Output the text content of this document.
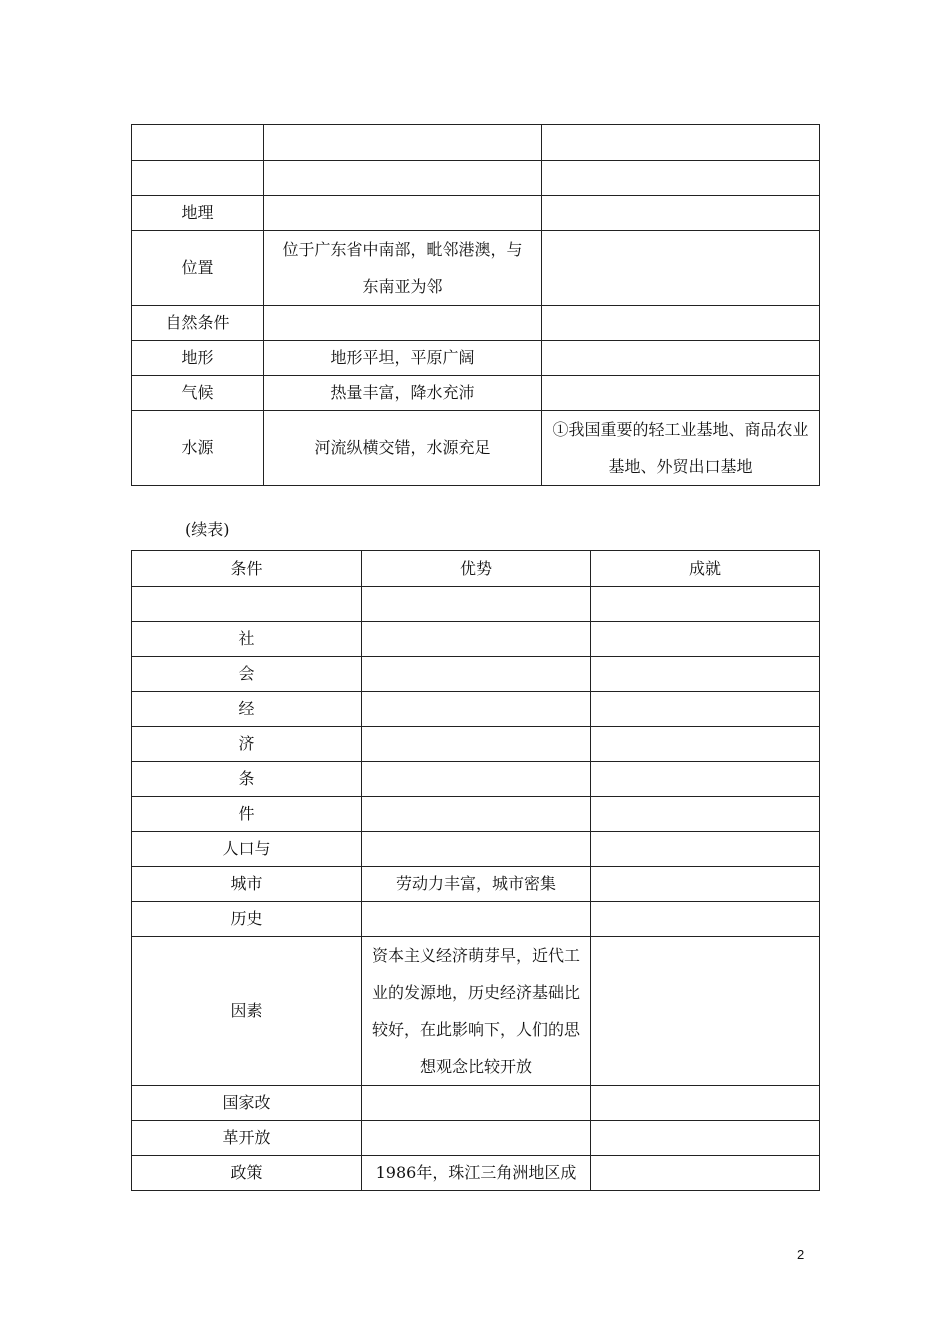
地理		
位置	位于广东省中南部，毗邻港澳，与东南亚为邻	
自然条件		
地形	地形平坦，平原广阔	
气候	热量丰富，降水充沛	
水源	河流纵横交错，水源充足	①我国重要的轻工业基地、商品农业基地、外贸出口基地
(续表)
条件	优势	成就

社		
会		
经		
济		
条		
件		
人口与		
城市	劳动力丰富，城市密集	
历史		
因素	资本主义经济萌芽早，近代工业的发源地，历史经济基础比较好，在此影响下，人们的思想观念比较开放	
国家改		
革开放		
政策	1986年，珠江三角洲地区成	
2
